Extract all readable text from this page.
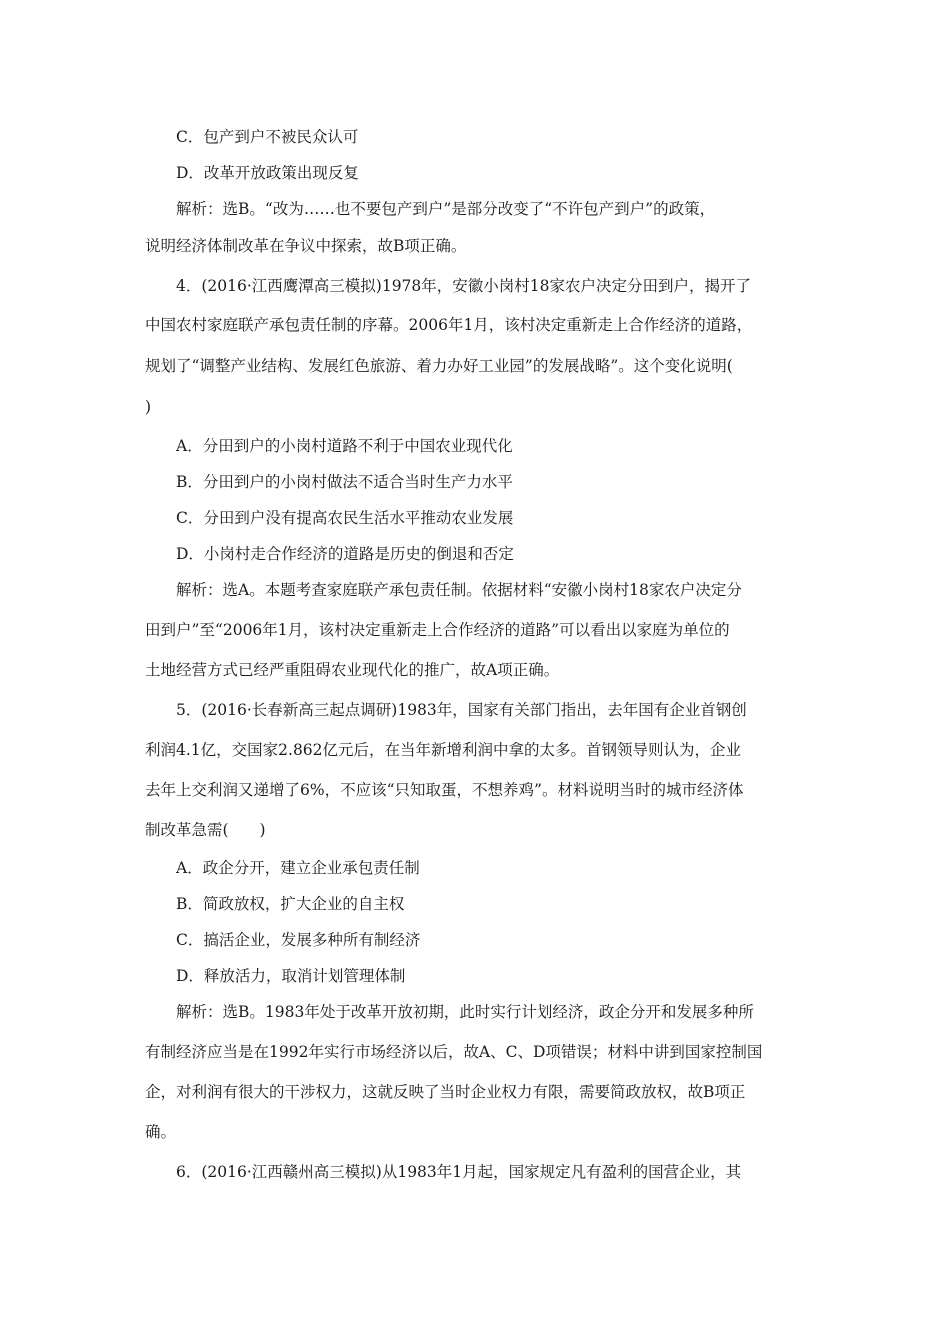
C．包产到户不被民众认可
D．改革开放政策出现反复
解析：选B。“改为……也不要包产到户”是部分改变了“不许包产到户”的政策，
说明经济体制改革在争议中探索，故B项正确。
4．(2016·江西鹰潭高三模拟)1978年，安徽小岗村18家农户决定分田到户，揭开了
中国农村家庭联产承包责任制的序幕。2006年1月，该村决定重新走上合作经济的道路，
规划了“调整产业结构、发展红色旅游、着力办好工业园”的发展战略”。这个变化说明(
)
A．分田到户的小岗村道路不利于中国农业现代化
B．分田到户的小岗村做法不适合当时生产力水平
C．分田到户没有提高农民生活水平推动农业发展
D．小岗村走合作经济的道路是历史的倒退和否定
解析：选A。本题考查家庭联产承包责任制。依据材料“安徽小岗村18家农户决定分
田到户”至“2006年1月，该村决定重新走上合作经济的道路”可以看出以家庭为单位的
土地经营方式已经严重阻碍农业现代化的推广，故A项正确。
5．(2016·长春新高三起点调研)1983年，国家有关部门指出，去年国有企业首钢创
利润4.1亿，交国家2.862亿元后，在当年新增利润中拿的太多。首钢领导则认为，企业
去年上交利润又递增了6%，不应该“只知取蛋，不想养鸡”。材料说明当时的城市经济体
制改革急需(　　)
A．政企分开，建立企业承包责任制
B．简政放权，扩大企业的自主权
C．搞活企业，发展多种所有制经济
D．释放活力，取消计划管理体制
解析：选B。1983年处于改革开放初期，此时实行计划经济，政企分开和发展多种所
有制经济应当是在1992年实行市场经济以后，故A、C、D项错误；材料中讲到国家控制国
企，对利润有很大的干涉权力，这就反映了当时企业权力有限，需要简政放权，故B项正
确。
6．(2016·江西赣州高三模拟)从1983年1月起，国家规定凡有盈利的国营企业，其
